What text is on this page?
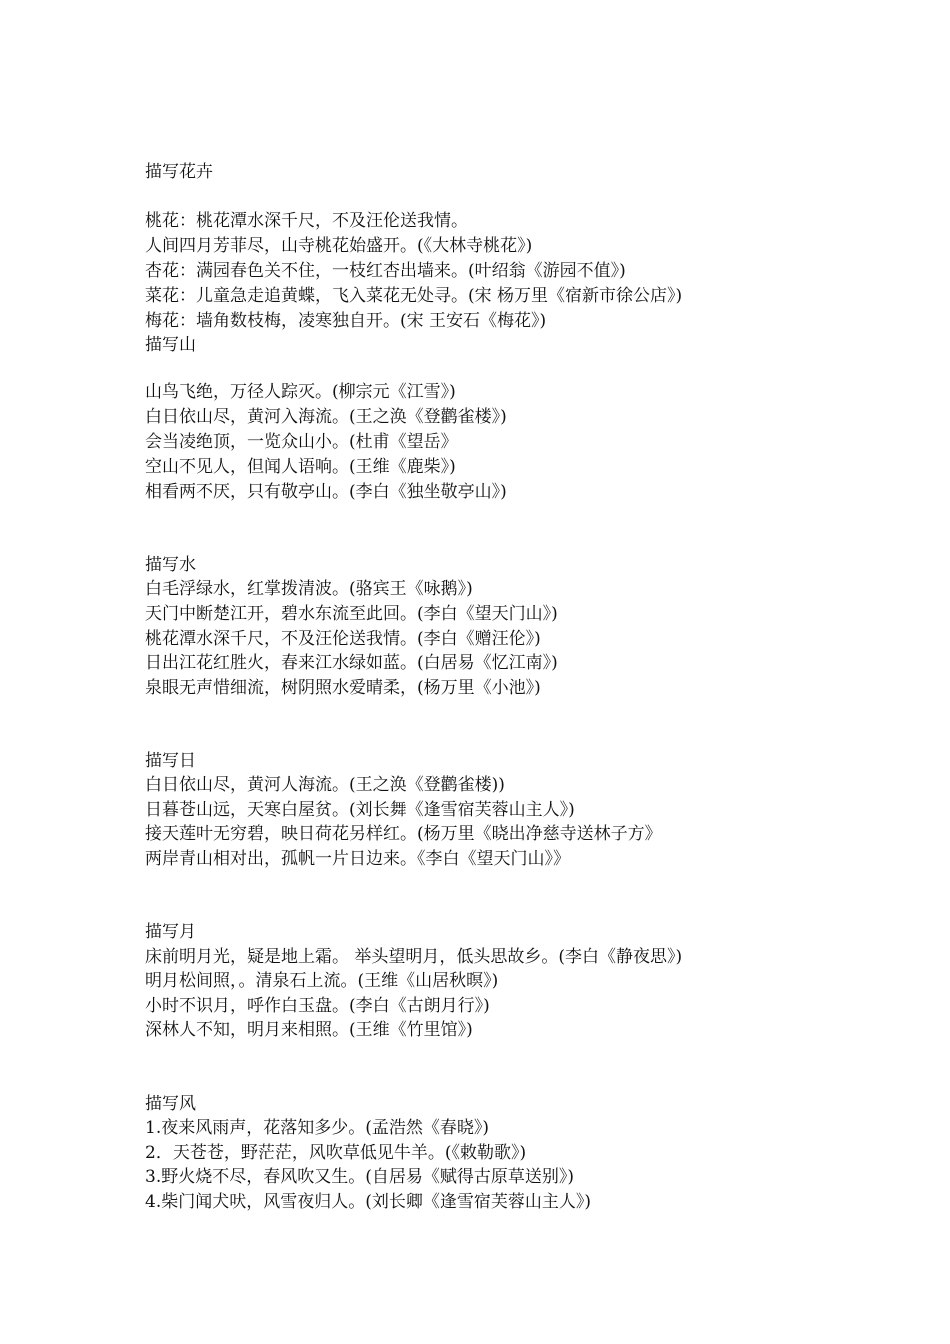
描写花卉
桃花：桃花潭水深千尺，不及汪伦送我情。
人间四月芳菲尽，山寺桃花始盛开。(《大林寺桃花》)
杏花：满园春色关不住，一枝红杏出墙来。(叶绍翁《游园不值》)
菜花：儿童急走追黄蝶，飞入菜花无处寻。(宋 杨万里《宿新市徐公店》)
梅花：墙角数枝梅，凌寒独自开。(宋 王安石《梅花》)
描写山
山鸟飞绝，万径人踪灭。(柳宗元《江雪》)
白日依山尽，黄河入海流。(王之涣《登鹳雀楼》)
会当凌绝顶，一览众山小。(杜甫《望岳》
空山不见人，但闻人语响。(王维《鹿柴》)
相看两不厌，只有敬亭山。(李白《独坐敬亭山》)
描写水
白毛浮绿水，红掌拨清波。(骆宾王《咏鹅》)
天门中断楚江开，碧水东流至此回。(李白《望天门山》)
桃花潭水深千尺，不及汪伦送我情。(李白《赠汪伦》)
日出江花红胜火，春来江水绿如蓝。(白居易《忆江南》)
泉眼无声惜细流，树阴照水爱晴柔，(杨万里《小池》)
描写日
白日依山尽，黄河人海流。(王之涣《登鹳雀楼))
日暮苍山远，天寒白屋贫。(刘长舞《逢雪宿芙蓉山主人》)
接天莲叶无穷碧，映日荷花另样红。(杨万里《晓出净慈寺送林子方》
两岸青山相对出，孤帆一片日边来。《李白《望天门山》》
描写月
床前明月光，疑是地上霜。 举头望明月，低头思故乡。(李白《静夜思》)
明月松间照，。清泉石上流。(王维《山居秋暝》)
小时不识月，呼作白玉盘。(李白《古朗月行》)
深林人不知，明月来相照。(王维《竹里馆》)
描写风
1.夜来风雨声，花落知多少。(孟浩然《春晓》)
2．天苍苍，野茫茫，风吹草低见牛羊。(《敕勒歌》)
3.野火烧不尽，春风吹又生。(自居易《赋得古原草送别》)
4.柴门闻犬吠，风雪夜归人。(刘长卿《逢雪宿芙蓉山主人》)
